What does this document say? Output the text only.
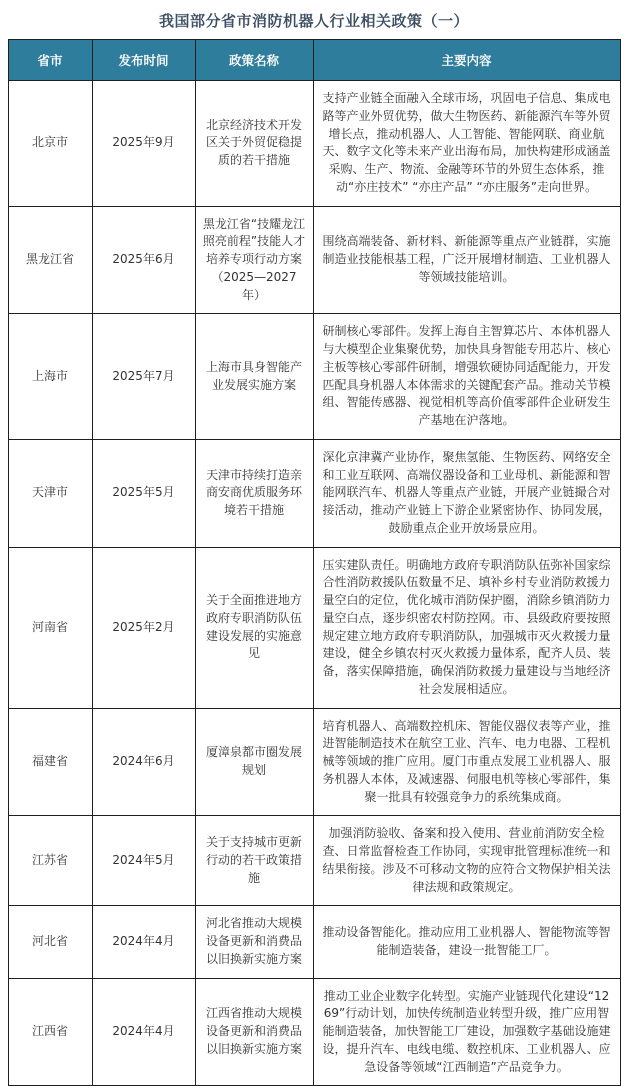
我国部分省市消防机器人行业相关政策（一）
省市	发布时间	政策名称	主要内容
北京市	2025年9月	北京经济技术开发区关于外贸促稳提质的若干措施	支持产业链全面融入全球市场，巩固电子信息、集成电路等产业外贸优势，做大生物医药、新能源汽车等外贸增长点，推动机器人、人工智能、智能网联、商业航天、数字文化等未来产业出海布局，加快构建形成涵盖采购、生产、物流、金融等环节的外贸生态体系，推动“亦庄技术” “亦庄产品” “亦庄服务”走向世界。
黑龙江省	2025年6月	黑龙江省“技耀龙江 照亮前程”技能人才培养专项行动方案（2025—2027年）	围绕高端装备、新材料、新能源等重点产业链群，实施制造业技能根基工程，广泛开展增材制造、工业机器人等领域技能培训。
上海市	2025年7月	上海市具身智能产业发展实施方案	研制核心零部件。发挥上海自主智算芯片、本体机器人与大模型企业集聚优势，加快具身智能专用芯片、核心主板等核心零部件研制，增强软硬协同适配能力，开发匹配具身机器人本体需求的关键配套产品。推动关节模组、智能传感器、视觉相机等高价值零部件企业研发生产基地在沪落地。
天津市	2025年5月	天津市持续打造亲商安商优质服务环境若干措施	深化京津冀产业协作，聚焦氢能、生物医药、网络安全和工业互联网、高端仪器设备和工业母机、新能源和智能网联汽车、机器人等重点产业链，开展产业链撮合对接活动，推动产业链上下游企业紧密协作、协同发展，鼓励重点企业开放场景应用。
河南省	2025年2月	关于全面推进地方政府专职消防队伍建设发展的实施意见	压实建队责任。明确地方政府专职消防队伍弥补国家综合性消防救援队伍数量不足、填补乡村专业消防救援力量空白的定位，优化城市消防保护圈，消除乡镇消防力量空白点，逐步织密农村防控网。市、县级政府要按照规定建立地方政府专职消防队，加强城市灭火救援力量建设，健全乡镇农村灭火救援力量体系，配齐人员、装备，落实保障措施，确保消防救援力量建设与当地经济社会发展相适应。
福建省	2024年6月	厦漳泉都市圈发展规划	培育机器人、高端数控机床、智能仪器仪表等产业，推进智能制造技术在航空工业、汽车、电力电器、工程机械等领域的推广应用。厦门市重点发展工业机器人、服务机器人本体，及减速器、伺服电机等核心零部件，集聚一批具有较强竞争力的系统集成商。
江苏省	2024年5月	关于支持城市更新行动的若干政策措施	加强消防验收、备案和投入使用、营业前消防安全检查、日常监督检查工作协同，实现审批管理标准统一和结果衔接。涉及不可移动文物的应符合文物保护相关法律法规和政策规定。
河北省	2024年4月	河北省推动大规模设备更新和消费品以旧换新实施方案	推动设备智能化。推动应用工业机器人、智能物流等智能制造装备，建设一批智能工厂。
江西省	2024年4月	江西省推动大规模设备更新和消费品以旧换新实施方案	推动工业企业数字化转型。实施产业链现代化建设“1269”行动计划，加快传统制造业转型升级，推广应用智能制造装备，加快智能工厂建设，加强数字基础设施建设，提升汽车、电线电缆、数控机床、工业机器人、应急设备等领域“江西制造”产品竞争力。
